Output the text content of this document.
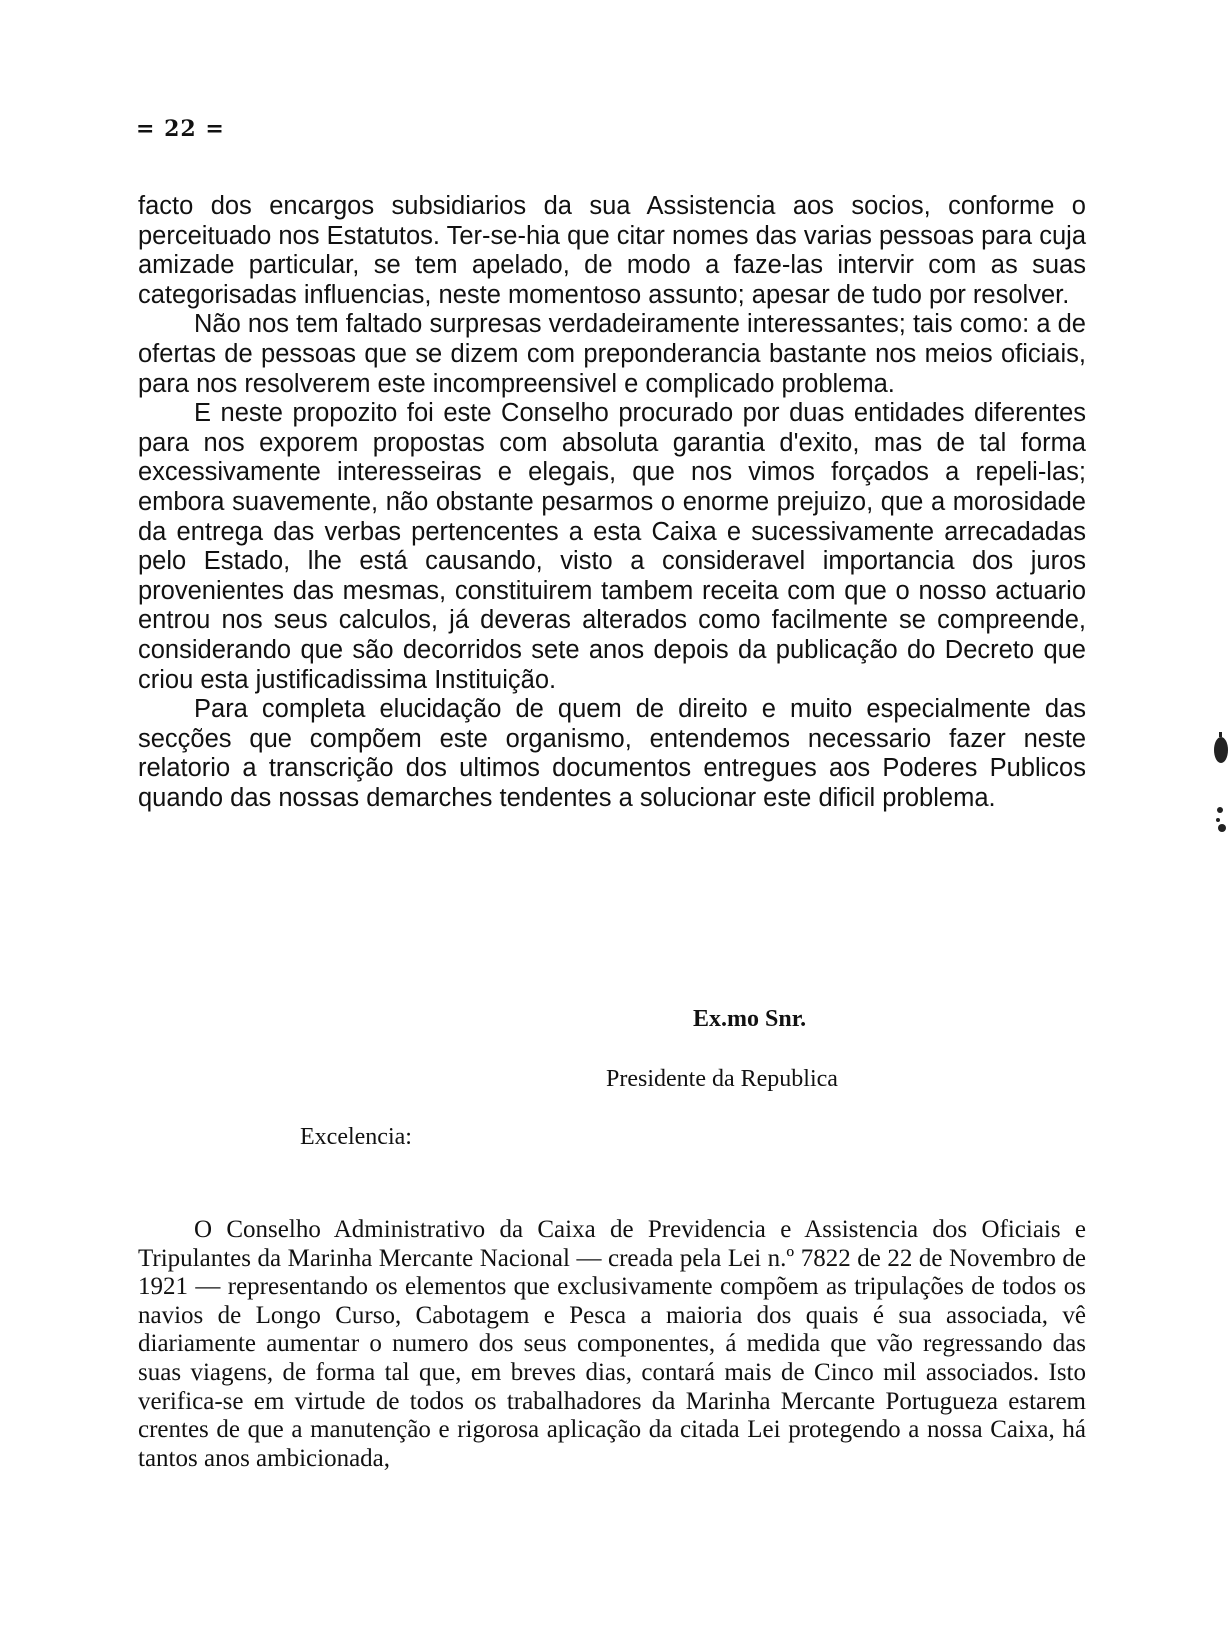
= 22 =

facto dos encargos subsidiarios da sua Assistencia aos socios, conforme o perceituado nos Estatutos. Ter-se-hia que citar nomes das varias pessoas para cuja amizade particular, se tem apelado, de modo a faze-las intervir com as suas categorisadas influencias, neste momentoso assunto; apesar de tudo por resolver.

Não nos tem faltado surpresas verdadeiramente interessantes; tais como: a de ofertas de pessoas que se dizem com preponderancia bastante nos meios oficiais, para nos resolverem este incompreensivel e complicado problema.

E neste propozito foi este Conselho procurado por duas entidades diferentes para nos exporem propostas com absoluta garantia d'exito, mas de tal forma excessivamente interesseiras e elegais, que nos vimos forçados a repeli-las; embora suavemente, não obstante pesarmos o enorme prejuizo, que a morosidade da entrega das verbas pertencentes a esta Caixa e sucessivamente arrecadadas pelo Estado, lhe está causando, visto a consideravel importancia dos juros provenientes das mesmas, constituirem tambem receita com que o nosso actuario entrou nos seus calculos, já deveras alterados como facilmente se compreende, considerando que são decorridos sete anos depois da publicação do Decreto que criou esta justificadissima Instituição.

Para completa elucidação de quem de direito e muito especialmente das secções que compõem este organismo, entendemos necessario fazer neste relatorio a transcrição dos ultimos documentos entregues aos Poderes Publicos quando das nossas demarches tendentes a solucionar este dificil problema.

Ex.mo Snr.
Presidente da Republica
Excelencia:

O Conselho Administrativo da Caixa de Previdencia e Assistencia dos Oficiais e Tripulantes da Marinha Mercante Nacional — creada pela Lei n.º 7822 de 22 de Novembro de 1921 — representando os elementos que exclusivamente compõem as tripulações de todos os navios de Longo Curso, Cabotagem e Pesca a maioria dos quais é sua associada, vê diariamente aumentar o numero dos seus componentes, á medida que vão regressando das suas viagens, de forma tal que, em breves dias, contará mais de Cinco mil associados. Isto verifica-se em virtude de todos os trabalhadores da Marinha Mercante Portugueza estarem crentes de que a manutenção e rigorosa aplicação da citada Lei protegendo a nossa Caixa, há tantos anos ambicionada,
